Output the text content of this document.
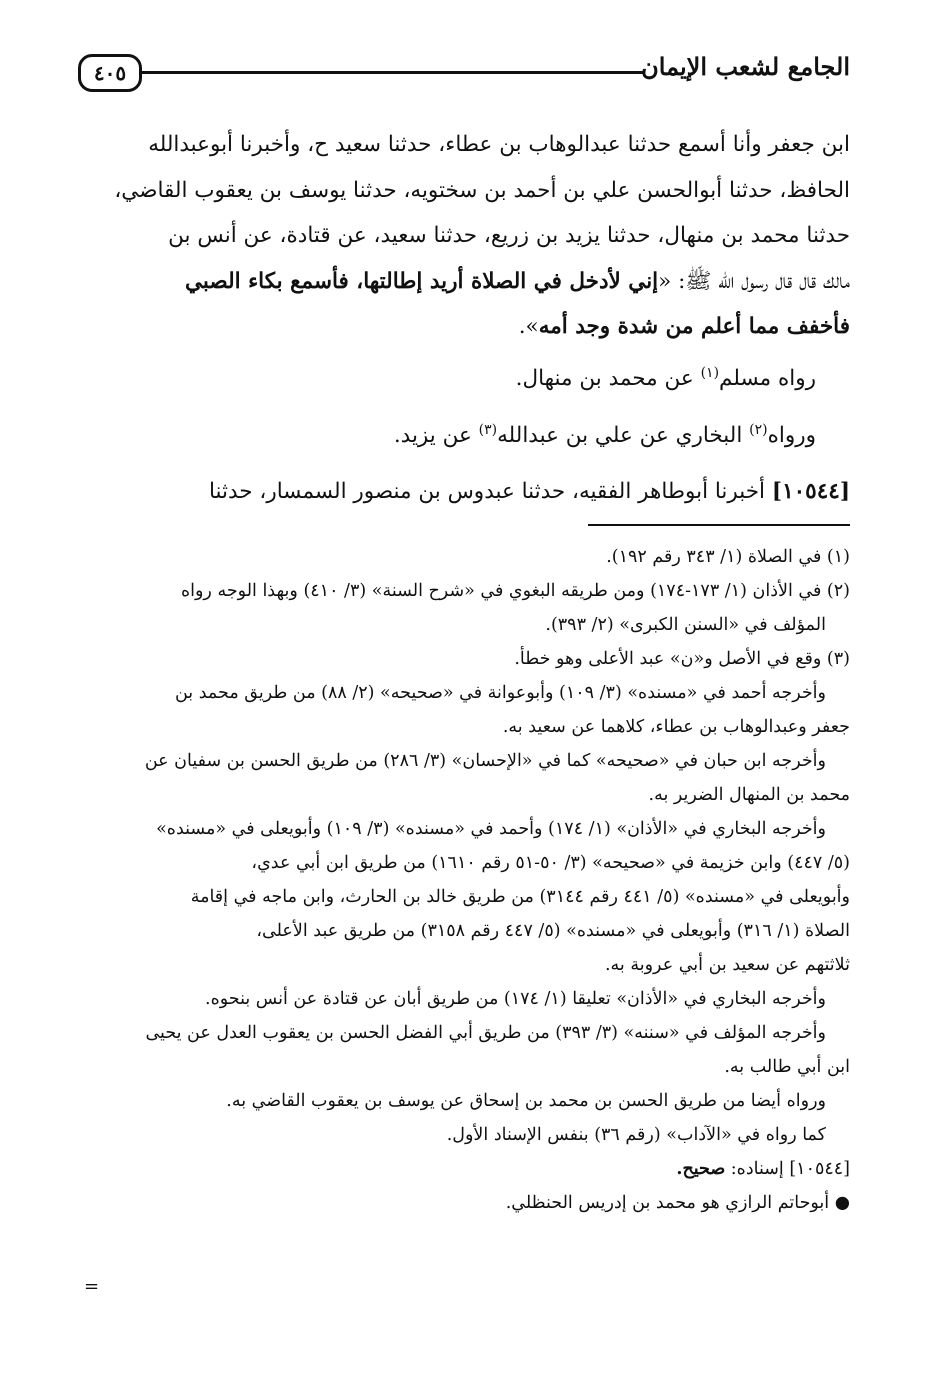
٤٠٥	الجامع لشعب الإيمان

ابن جعفر وأنا أسمع حدثنا عبدالوهاب بن عطاء، حدثنا سعيد ح، وأخبرنا أبوعبدالله

الحافظ، حدثنا أبوالحسن علي بن أحمد بن سختويه، حدثنا يوسف بن يعقوب القاضي،

حدثنا محمد بن منهال، حدثنا يزيد بن زريع، حدثنا سعيد، عن قتادة، عن أنس بن

مالك قال قال رسول الله ﷺ: «إني لأدخل في الصلاة أريد إطالتها، فأسمع بكاء الصبي

فأخفف مما أعلم من شدة وجد أمه».

رواه مسلم$^{(١)}$ عن محمد بن منهال.

ورواه$^{(٢)}$ البخاري عن علي بن عبدالله$^{(٣)}$ عن يزيد.

[١٠٥٤٤] أخبرنا أبوطاهر الفقيه، حدثنا عبدوس بن منصور السمسار، حدثنا

(١) في الصلاة (١/ ٣٤٣ رقم ١٩٢).

(٢) في الأذان (١/ ١٧٣-١٧٤) ومن طريقه البغوي في «شرح السنة» (٣/ ٤١٠) وبهذا الوجه رواه

المؤلف في «السنن الكبرى» (٢/ ٣٩٣).

(٣) وقع في الأصل و«ن» عبد الأعلى وهو خطأ.

وأخرجه أحمد في «مسنده» (٣/ ١٠٩) وأبوعوانة في «صحيحه» (٢/ ٨٨) من طريق محمد بن

جعفر وعبدالوهاب بن عطاء، كلاهما عن سعيد به.

وأخرجه ابن حبان في «صحيحه» كما في «الإحسان» (٣/ ٢٨٦) من طريق الحسن بن سفيان عن

محمد بن المنهال الضرير به.

وأخرجه البخاري في «الأذان» (١/ ١٧٤) وأحمد في «مسنده» (٣/ ١٠٩) وأبويعلى في «مسنده»

(٥/ ٤٤٧) وابن خزيمة في «صحيحه» (٣/ ٥٠-٥١ رقم ١٦١٠) من طريق ابن أبي عدي،

وأبويعلى في «مسنده» (٥/ ٤٤١ رقم ٣١٤٤) من طريق خالد بن الحارث، وابن ماجه في إقامة

الصلاة (١/ ٣١٦) وأبويعلى في «مسنده» (٥/ ٤٤٧ رقم ٣١٥٨) من طريق عبد الأعلى،

ثلاثتهم عن سعيد بن أبي عروبة به.

وأخرجه البخاري في «الأذان» تعليقا (١/ ١٧٤) من طريق أبان عن قتادة عن أنس بنحوه.

وأخرجه المؤلف في «سننه» (٣/ ٣٩٣) من طريق أبي الفضل الحسن بن يعقوب العدل عن يحيى

ابن أبي طالب به.

ورواه أيضا من طريق الحسن بن محمد بن إسحاق عن يوسف بن يعقوب القاضي به.

كما رواه في «الآداب» (رقم ٣٦) بنفس الإسناد الأول.

[١٠٥٤٤] إسناده: صحيح.

● أبوحاتم الرازي هو محمد بن إدريس الحنظلي.

=
